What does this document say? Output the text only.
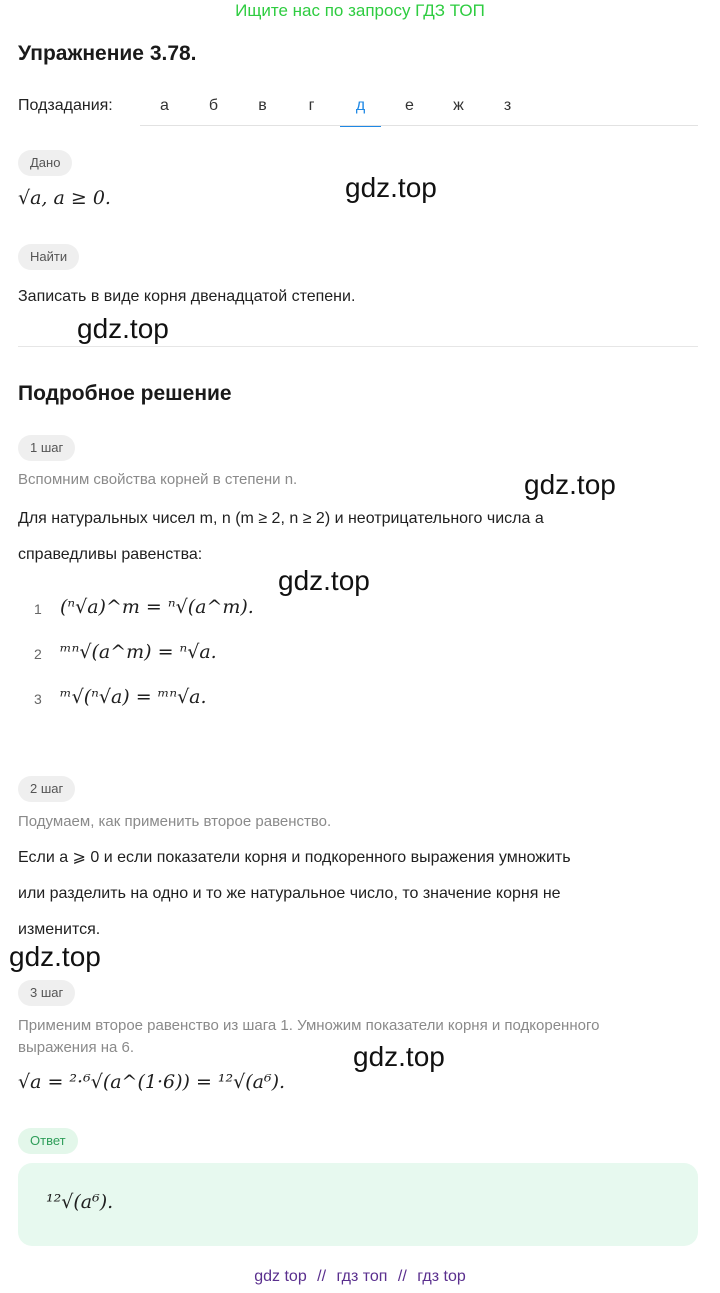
Ищите нас по запросу ГДЗ ТОП
Упражнение 3.78.
Подзадания:	а	б	в	г	д	е	ж	з
Дано
√a, a ≥ 0.
Найти
Записать в виде корня двенадцатой степени.
Подробное решение
1 шаг
Вспомним свойства корней в степени n.
Для натуральных чисел m, n (m ≥ 2, n ≥ 2) и неотрицательного числа a
справедливы равенства:
1 (ⁿ√a)^m = ⁿ√(a^m).
2 ᵐⁿ√(a^m) = ⁿ√a.
3 ᵐ√(ⁿ√a) = ᵐⁿ√a.
2 шаг
Подумаем, как применить второе равенство.
Если a ⩾ 0 и если показатели корня и подкоренного выражения умножить
или разделить на одно и то же натуральное число, то значение корня не
изменится.
3 шаг
Применим второе равенство из шага 1. Умножим показатели корня и подкоренного
выражения на 6.
√a = ²·⁶√(a^(1·6)) = ¹²√(a⁶).
Ответ
¹²√(a⁶).
gdz.top
gdz.top
gdz.top
gdz.top
gdz.top
gdz.top
gdz top // гдз топ // гдз top
